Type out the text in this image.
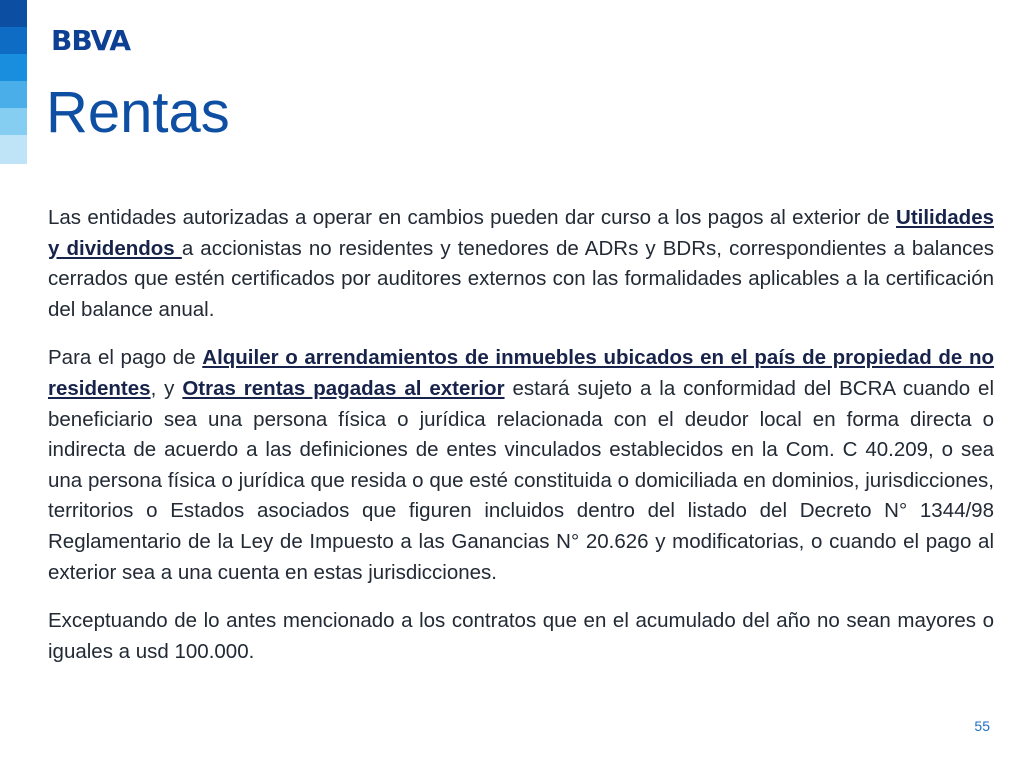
BBVA
Rentas

Las entidades autorizadas a operar en cambios pueden dar curso a los pagos al exterior de Utilidades y dividendos a accionistas no residentes y tenedores de ADRs y BDRs, correspondientes a balances cerrados que estén certificados por auditores externos con las formalidades aplicables a la certificación del balance anual.

Para el pago de Alquiler o arrendamientos de inmuebles ubicados en el país de propiedad de no residentes, y Otras rentas pagadas al exterior estará sujeto a la conformidad del BCRA cuando el beneficiario sea una persona física o jurídica relacionada con el deudor local en forma directa o indirecta de acuerdo a las definiciones de entes vinculados establecidos en la Com. C 40.209, o sea una persona física o jurídica que resida o que esté constituida o domiciliada en dominios, jurisdicciones, territorios o Estados asociados que figuren incluidos dentro del listado del Decreto N° 1344/98 Reglamentario de la Ley de Impuesto a las Ganancias N° 20.626 y modificatorias, o cuando el pago al exterior sea a una cuenta en estas jurisdicciones.

Exceptuando de lo antes mencionado a los contratos que en el acumulado del año no sean mayores o iguales a usd 100.000.

55
